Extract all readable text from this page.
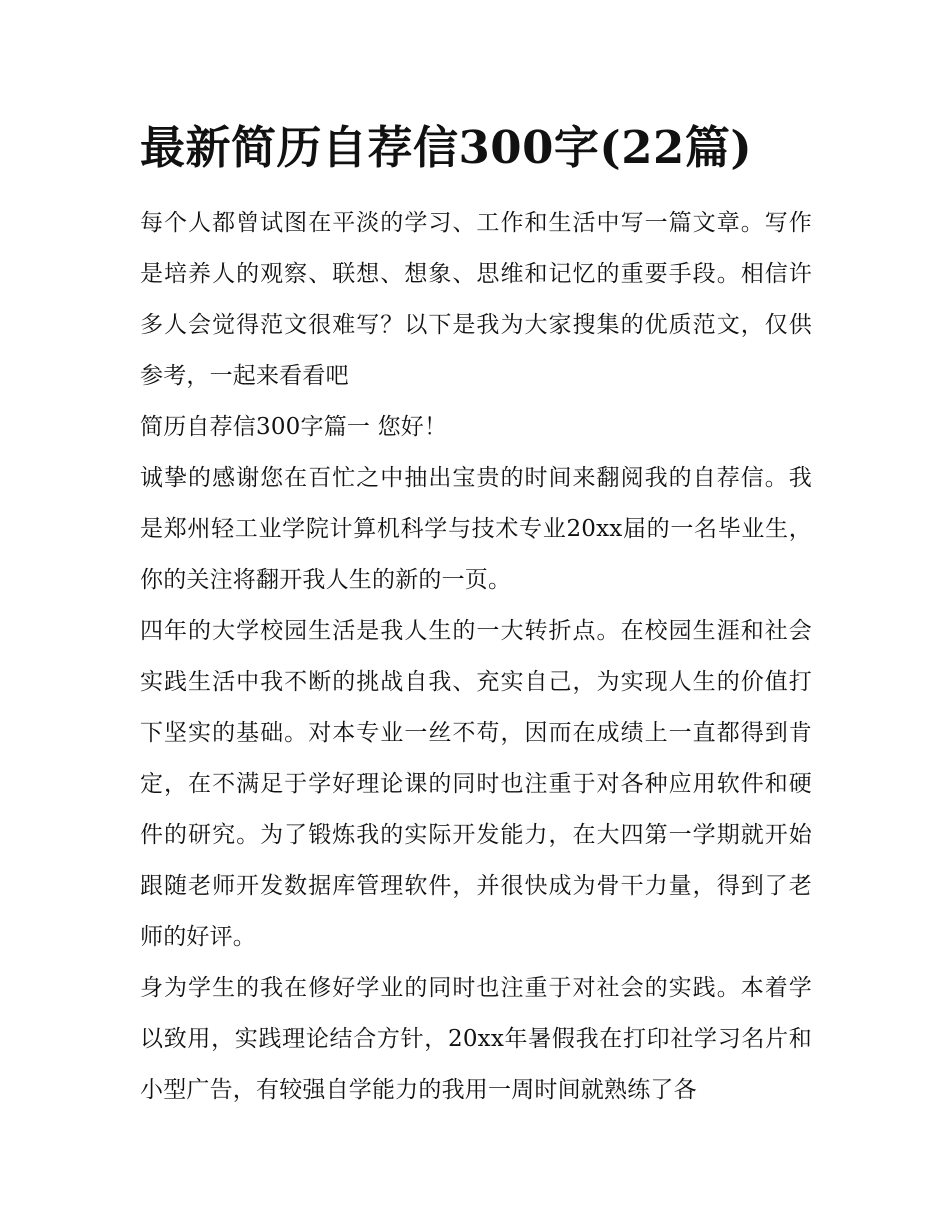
最新简历自荐信300字(22篇)

每个人都曾试图在平淡的学习、工作和生活中写一篇文章。写作是培养人的观察、联想、想象、思维和记忆的重要手段。相信许多人会觉得范文很难写？以下是我为大家搜集的优质范文，仅供参考，一起来看看吧

简历自荐信300字篇一 您好！

诚挚的感谢您在百忙之中抽出宝贵的时间来翻阅我的自荐信。我是郑州轻工业学院计算机科学与技术专业20xx届的一名毕业生，你的关注将翻开我人生的新的一页。

四年的大学校园生活是我人生的一大转折点。在校园生涯和社会实践生活中我不断的挑战自我、充实自己，为实现人生的价值打下坚实的基础。对本专业一丝不苟，因而在成绩上一直都得到肯定，在不满足于学好理论课的同时也注重于对各种应用软件和硬件的研究。为了锻炼我的实际开发能力，在大四第一学期就开始跟随老师开发数据库管理软件，并很快成为骨干力量，得到了老师的好评。

身为学生的我在修好学业的同时也注重于对社会的实践。本着学以致用，实践理论结合方针，20xx年暑假我在打印社学习名片和小型广告，有较强自学能力的我用一周时间就熟练了各
